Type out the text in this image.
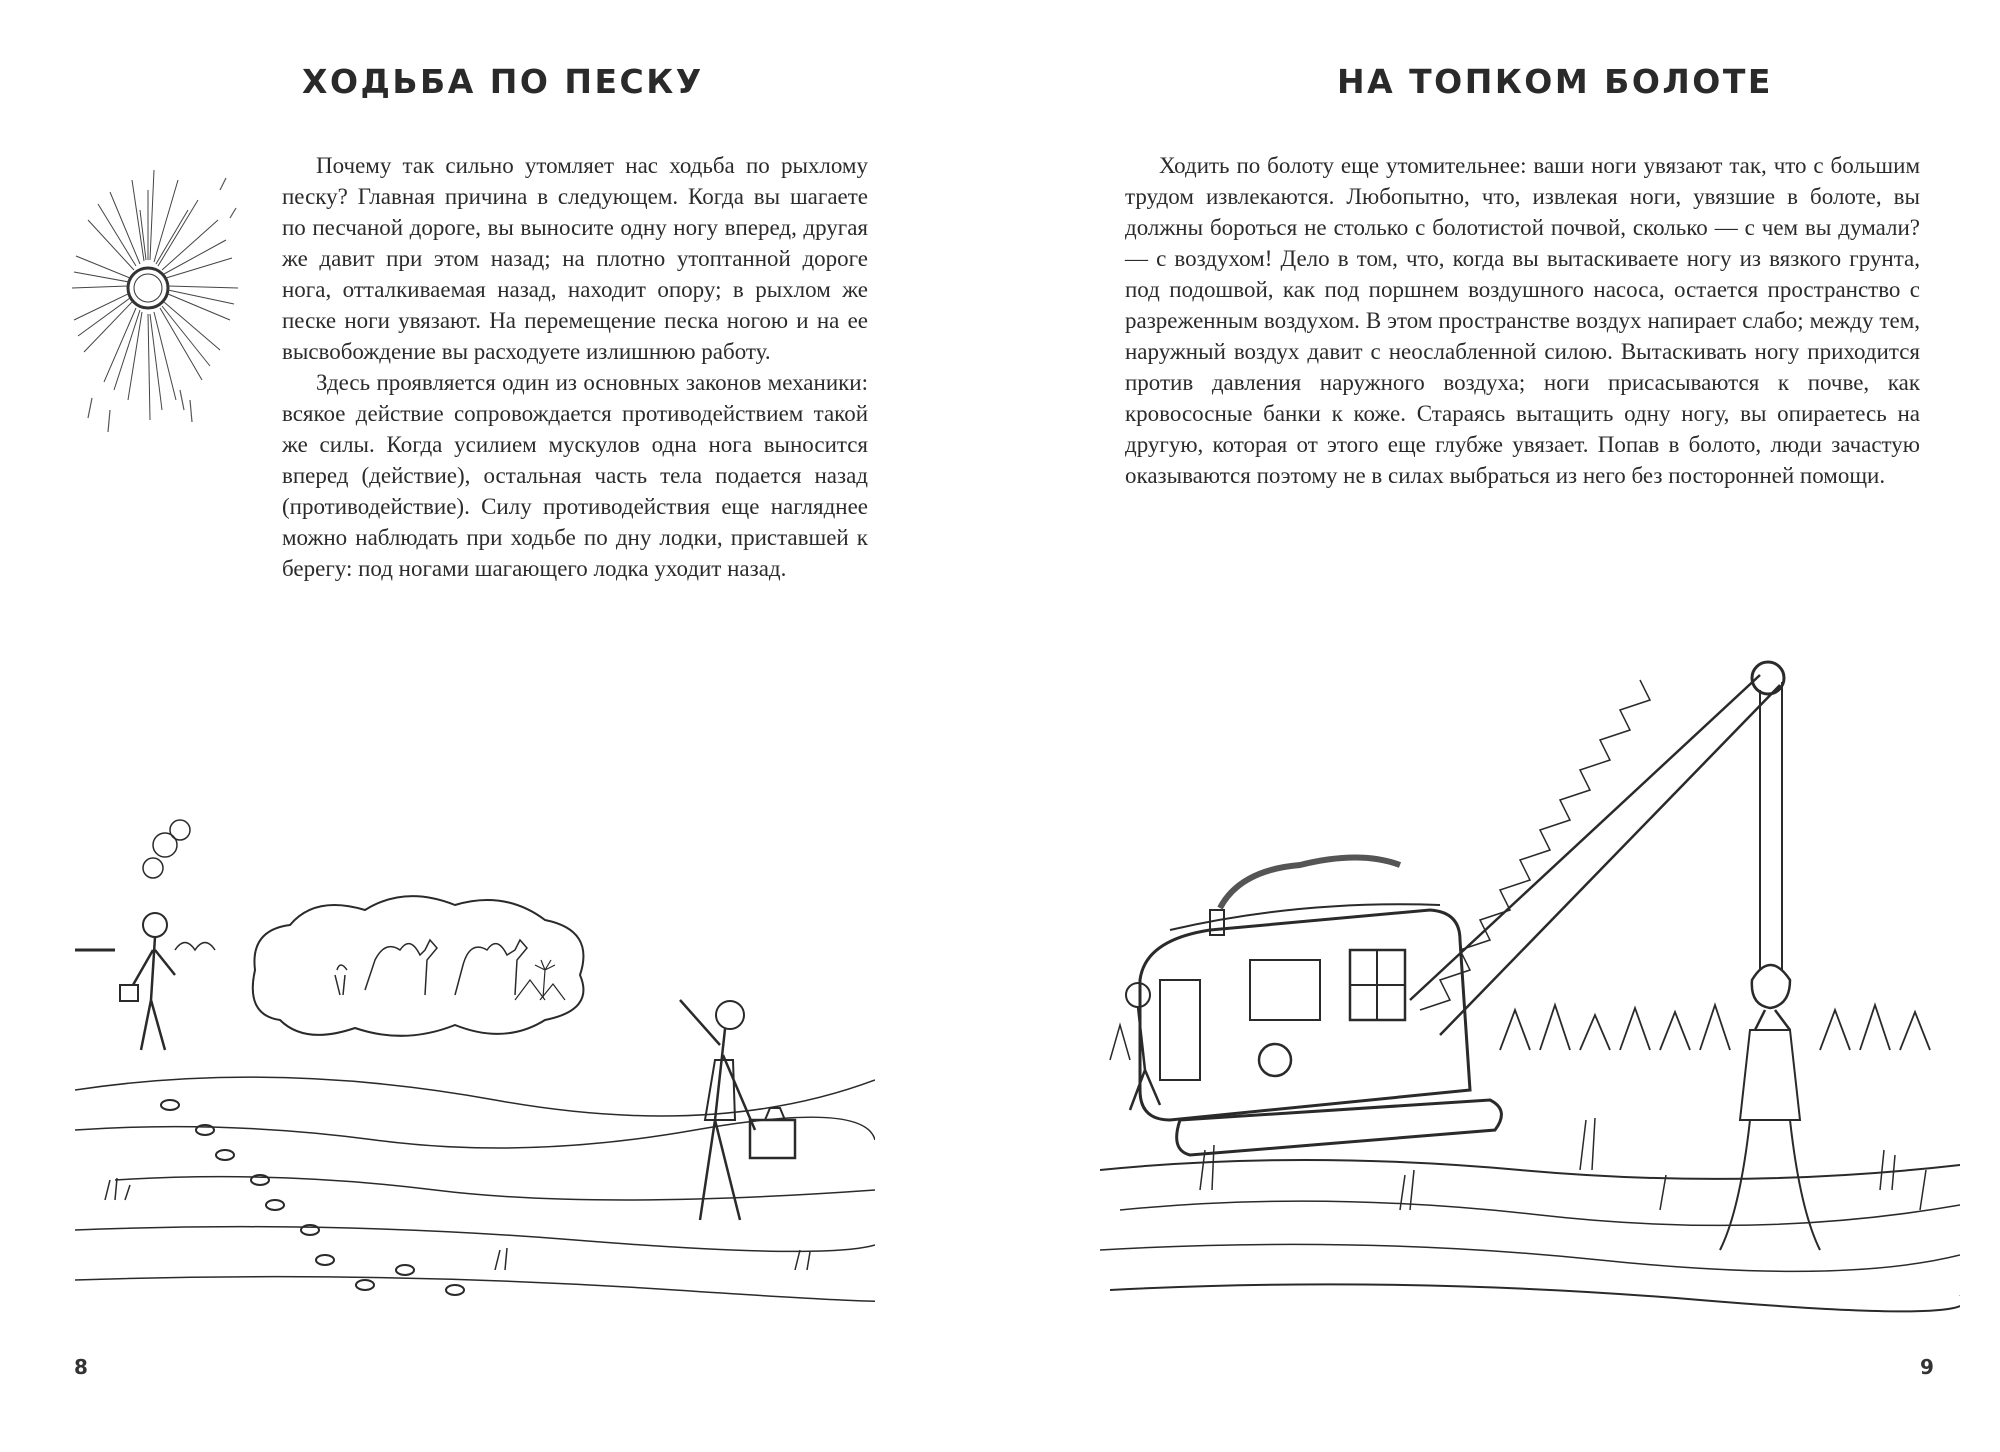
ХОДЬБА ПО ПЕСКУ

Почему так сильно утомляет нас ходьба по рыхлому песку? Главная причина в следующем. Когда вы шагаете по песчаной дороге, вы выносите одну ногу вперед, другая же давит при этом назад; на плотно утоптанной дороге нога, отталкиваемая назад, находит опору; в рыхлом же песке ноги увязают. На перемещение песка ногою и на ее высвобождение вы расходуете излишнюю работу.

Здесь проявляется один из основных законов механики: всякое действие сопровождается противодействием такой же силы. Когда усилием мускулов одна нога выносится вперед (действие), остальная часть тела подается назад (противодействие). Силу противодействия еще нагляднее можно наблюдать при ходьбе по дну лодки, приставшей к берегу: под ногами шагающего лодка уходит назад.

8
НА ТОПКОМ БОЛОТЕ

Ходить по болоту еще утомительнее: ваши ноги увязают так, что с большим трудом извлекаются. Любопытно, что, извлекая ноги, увязшие в болоте, вы должны бороться не столько с болотистой почвой, сколько — с чем вы думали? — с воздухом! Дело в том, что, когда вы вытаскиваете ногу из вязкого грунта, под подошвой, как под поршнем воздушного насоса, остается пространство с разреженным воздухом. В этом пространстве воздух напирает слабо; между тем, наружный воздух давит с неослабленной силою. Вытаскивать ногу приходится против давления наружного воздуха; ноги присасываются к почве, как кровососные банки к коже. Стараясь вытащить одну ногу, вы опираетесь на другую, которая от этого еще глубже увязает. Попав в болото, люди зачастую оказываются поэтому не в силах выбраться из него без посторонней помощи.

9
